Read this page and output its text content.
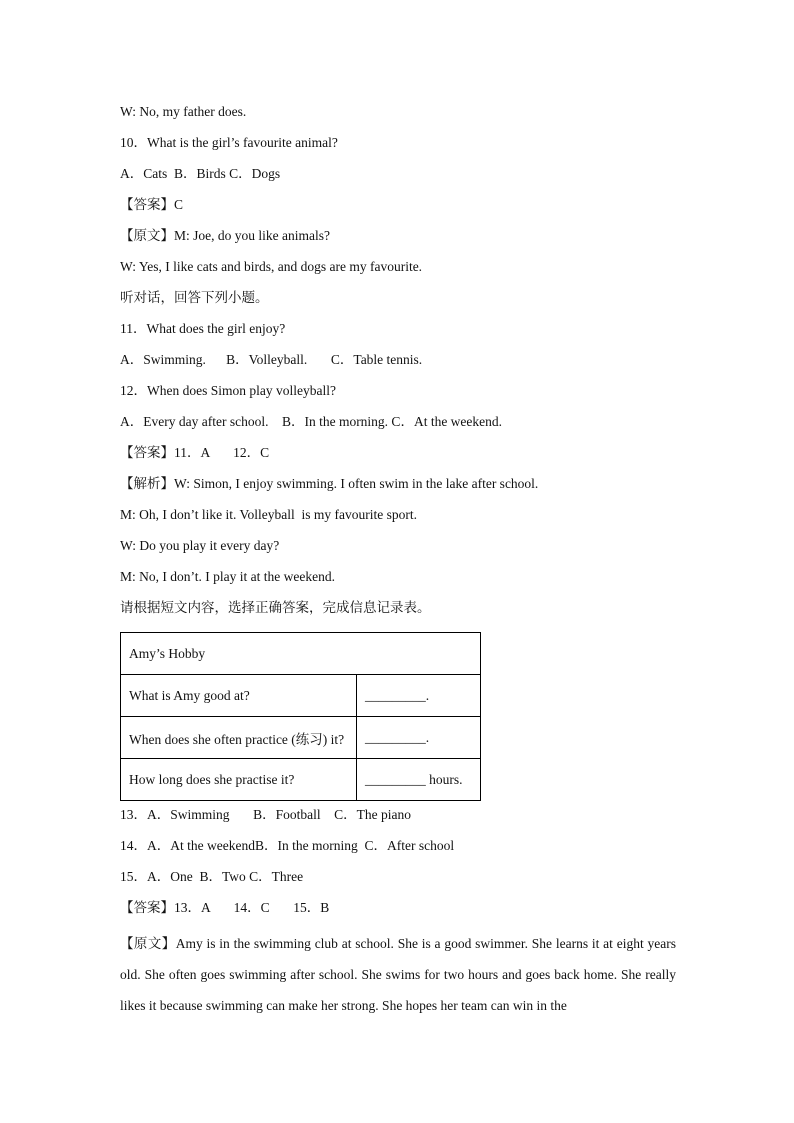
W: No, my father does.
10．What is the girl’s favourite animal?
A．Cats  B．Birds C．Dogs
【答案】C
【原文】M: Joe, do you like animals?
W: Yes, I like cats and birds, and dogs are my favourite.
听对话，回答下列小题。
11．What does the girl enjoy?
A．Swimming.      B．Volleyball.       C．Table tennis.
12．When does Simon play volleyball?
A．Every day after school.    B．In the morning. C．At the weekend.
【答案】11．A       12．C
【解析】W: Simon, I enjoy swimming. I often swim in the lake after school.
M: Oh, I don’t like it. Volleyball  is my favourite sport.
W: Do you play it every day?
M: No, I don’t. I play it at the weekend.
请根据短文内容，选择正确答案，完成信息记录表。
Amy’s Hobby	
What is Amy good at?	_________.
When does she often practice (练习) it?	_________.
How long does she practise it?	_________ hours.
13．A．Swimming       B．Football    C．The piano
14．A．At the weekendB．In the morning  C．After school
15．A．One  B．Two C．Three
【答案】13．A       14．C       15．B
【原文】Amy is in the swimming club at school. She is a good swimmer. She learns it at eight years old. She often goes swimming after school. She swims for two hours and goes back home. She really likes it because swimming can make her strong. She hopes her team can win in the
